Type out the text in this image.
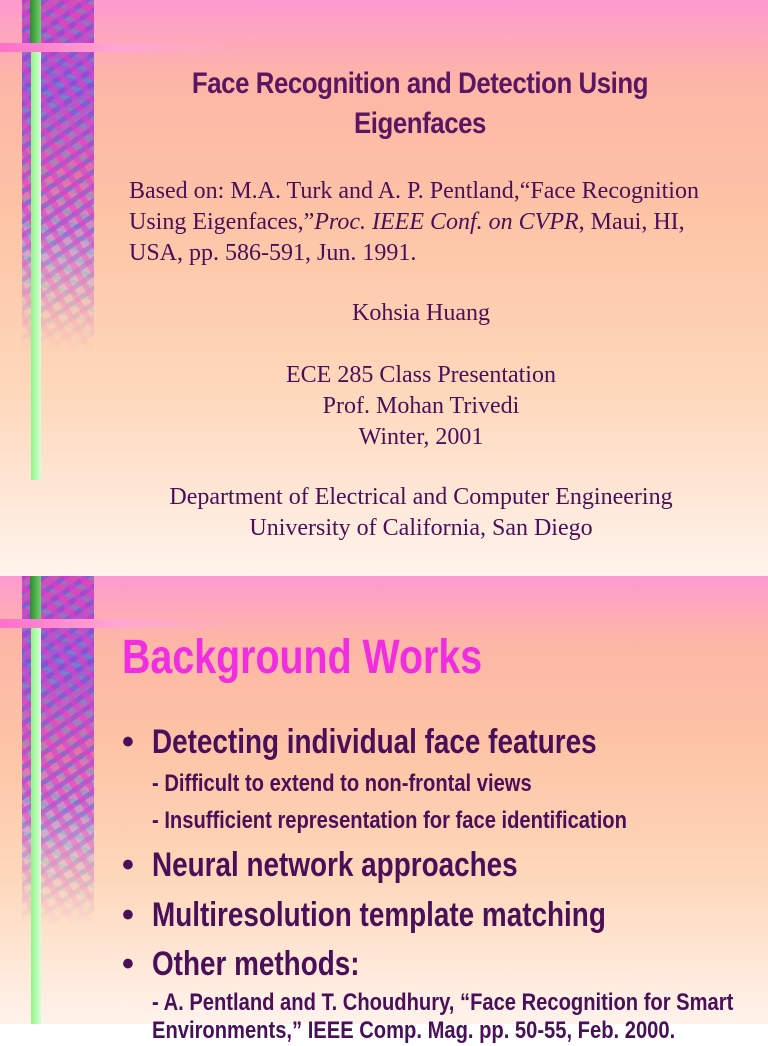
Face Recognition and Detection Using
Eigenfaces

Based on: M.A. Turk and A. P. Pentland,“Face Recognition Using Eigenfaces,”Proc. IEEE Conf. on CVPR, Maui, HI, USA, pp. 586-591, Jun. 1991.

Kohsia Huang

ECE 285 Class Presentation
Prof. Mohan Trivedi
Winter, 2001

Department of Electrical and Computer Engineering
University of California, San Diego

Background Works
• Detecting individual face features
- Difficult to extend to non-frontal views
- Insufficient representation for face identification
• Neural network approaches
• Multiresolution template matching
• Other methods:
- A. Pentland and T. Choudhury, “Face Recognition for Smart
Environments,” IEEE Comp. Mag. pp. 50-55, Feb. 2000.
